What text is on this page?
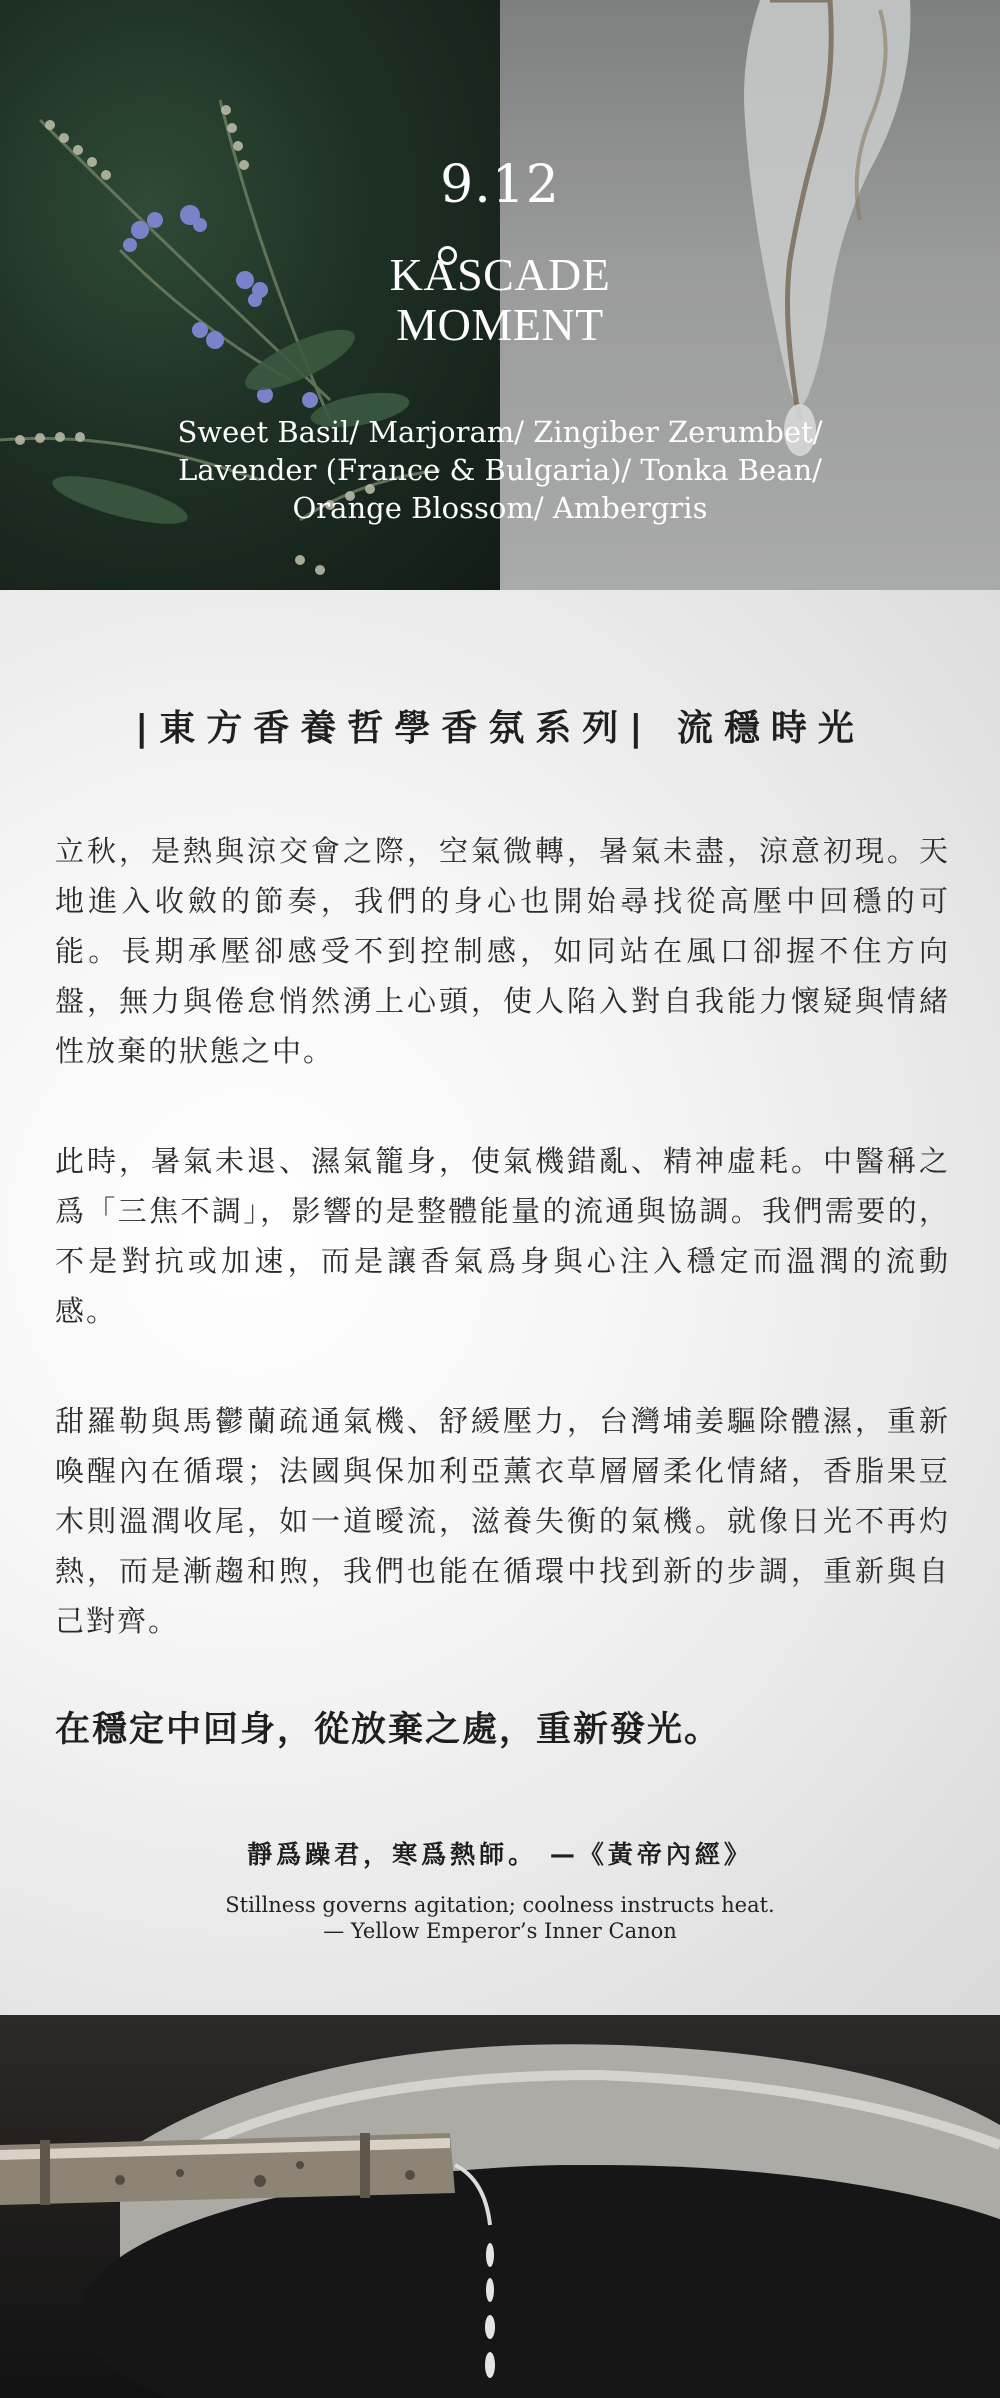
9.12
KASCADE
MOMENT
Sweet Basil/ Marjoram/ Zingiber Zerumbet/
Lavender (France & Bulgaria)/ Tonka Bean/
Orange Blossom/ Ambergris
|東方香養哲學香氛系列| 流穩時光

立秋，是熱與涼交會之際，空氣微轉，暑氣未盡，涼意初現。天地進入收斂的節奏，我們的身心也開始尋找從高壓中回穩的可能。長期承壓卻感受不到控制感，如同站在風口卻握不住方向盤，無力與倦怠悄然湧上心頭，使人陷入對自我能力懷疑與情緒性放棄的狀態之中。

此時，暑氣未退、濕氣籠身，使氣機錯亂、精神虛耗。中醫稱之爲「三焦不調」，影響的是整體能量的流通與協調。我們需要的，不是對抗或加速，而是讓香氣爲身與心注入穩定而溫潤的流動感。

甜羅勒與馬鬱蘭疏通氣機、舒緩壓力，台灣埔姜驅除體濕，重新喚醒內在循環；法國與保加利亞薰衣草層層柔化情緒，香脂果豆木則溫潤收尾，如一道曖流，滋養失衡的氣機。就像日光不再灼熱，而是漸趨和煦，我們也能在循環中找到新的步調，重新與自己對齊。

在穩定中回身，從放棄之處，重新發光。
靜爲躁君，寒爲熱師。 —《黃帝內經》
Stillness governs agitation; coolness instructs heat.
— Yellow Emperor’s Inner Canon
